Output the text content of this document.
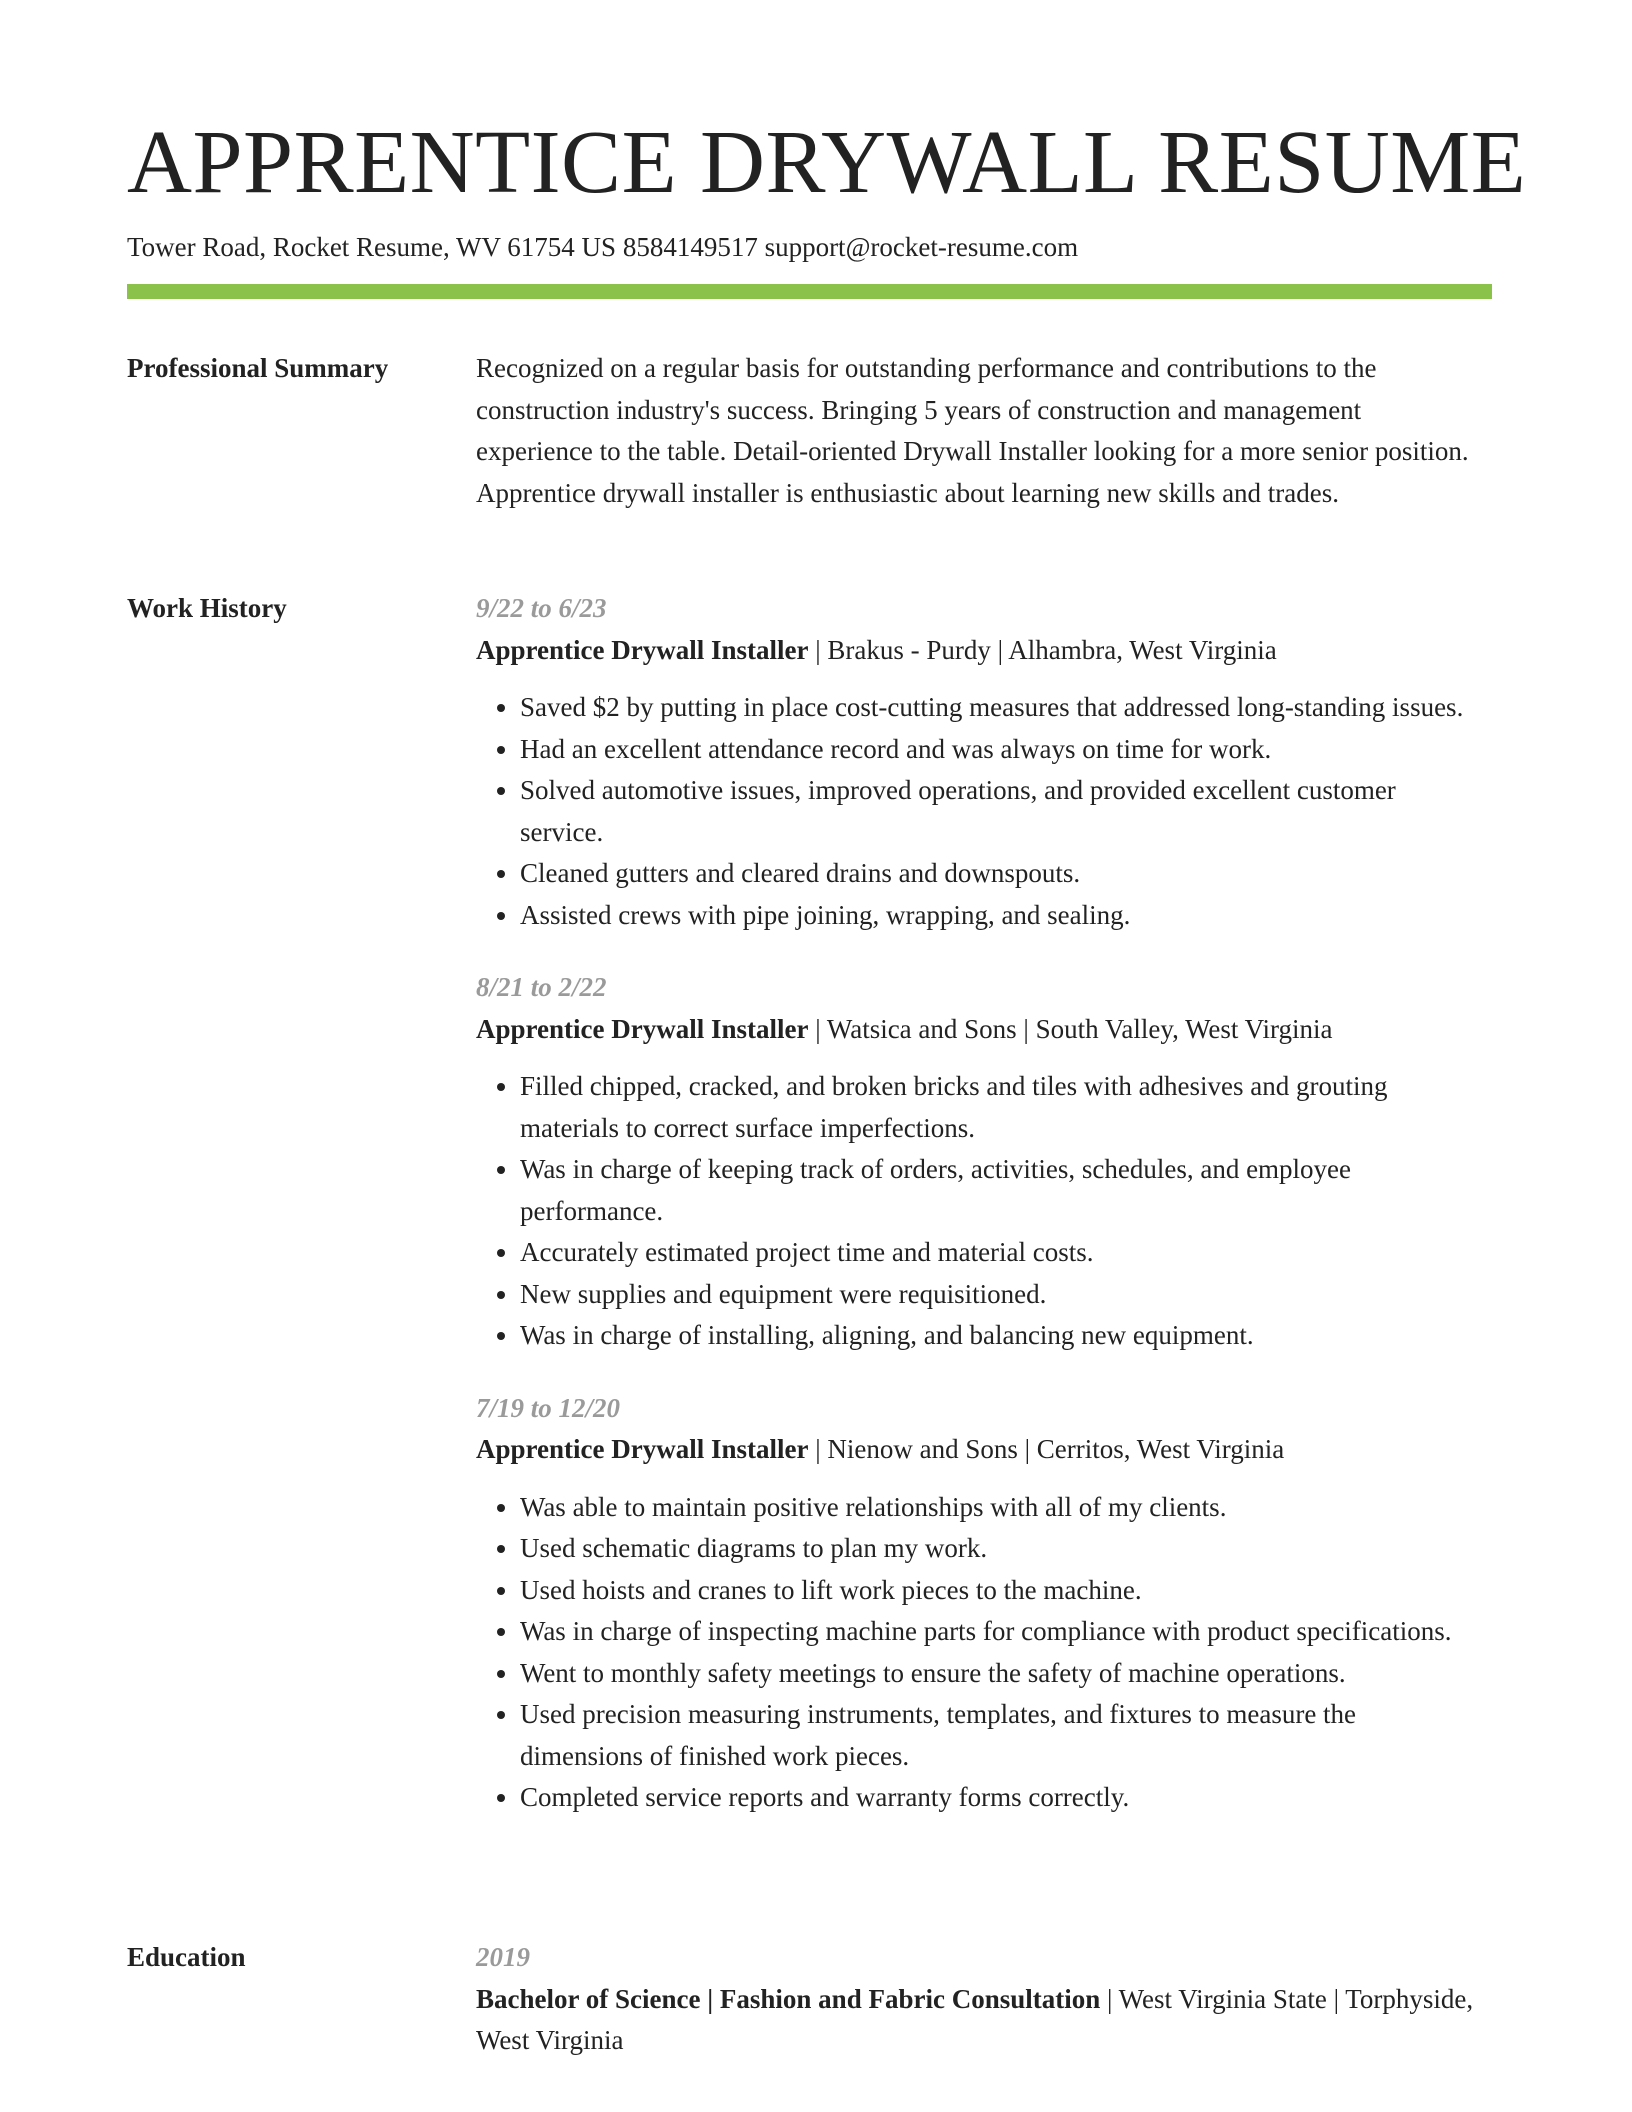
APPRENTICE DRYWALL RESUME
Tower Road, Rocket Resume, WV 61754 US 8584149517 support@rocket-resume.com
Professional Summary	Recognized on a regular basis for outstanding performance and contributions to the construction industry's success. Bringing 5 years of construction and management experience to the table. Detail-oriented Drywall Installer looking for a more senior position. Apprentice drywall installer is enthusiastic about learning new skills and trades.

Work History	9/22 to 6/23
Apprentice Drywall Installer | Brakus - Purdy | Alhambra, West Virginia
• Saved $2 by putting in place cost-cutting measures that addressed long-standing issues.
• Had an excellent attendance record and was always on time for work.
• Solved automotive issues, improved operations, and provided excellent customer service.
• Cleaned gutters and cleared drains and downspouts.
• Assisted crews with pipe joining, wrapping, and sealing.
8/21 to 2/22
Apprentice Drywall Installer | Watsica and Sons | South Valley, West Virginia
• Filled chipped, cracked, and broken bricks and tiles with adhesives and grouting materials to correct surface imperfections.
• Was in charge of keeping track of orders, activities, schedules, and employee performance.
• Accurately estimated project time and material costs.
• New supplies and equipment were requisitioned.
• Was in charge of installing, aligning, and balancing new equipment.
7/19 to 12/20
Apprentice Drywall Installer | Nienow and Sons | Cerritos, West Virginia
• Was able to maintain positive relationships with all of my clients.
• Used schematic diagrams to plan my work.
• Used hoists and cranes to lift work pieces to the machine.
• Was in charge of inspecting machine parts for compliance with product specifications.
• Went to monthly safety meetings to ensure the safety of machine operations.
• Used precision measuring instruments, templates, and fixtures to measure the dimensions of finished work pieces.
• Completed service reports and warranty forms correctly.
Education	2019
Bachelor of Science | Fashion and Fabric Consultation | West Virginia State | Torphyside, West Virginia
